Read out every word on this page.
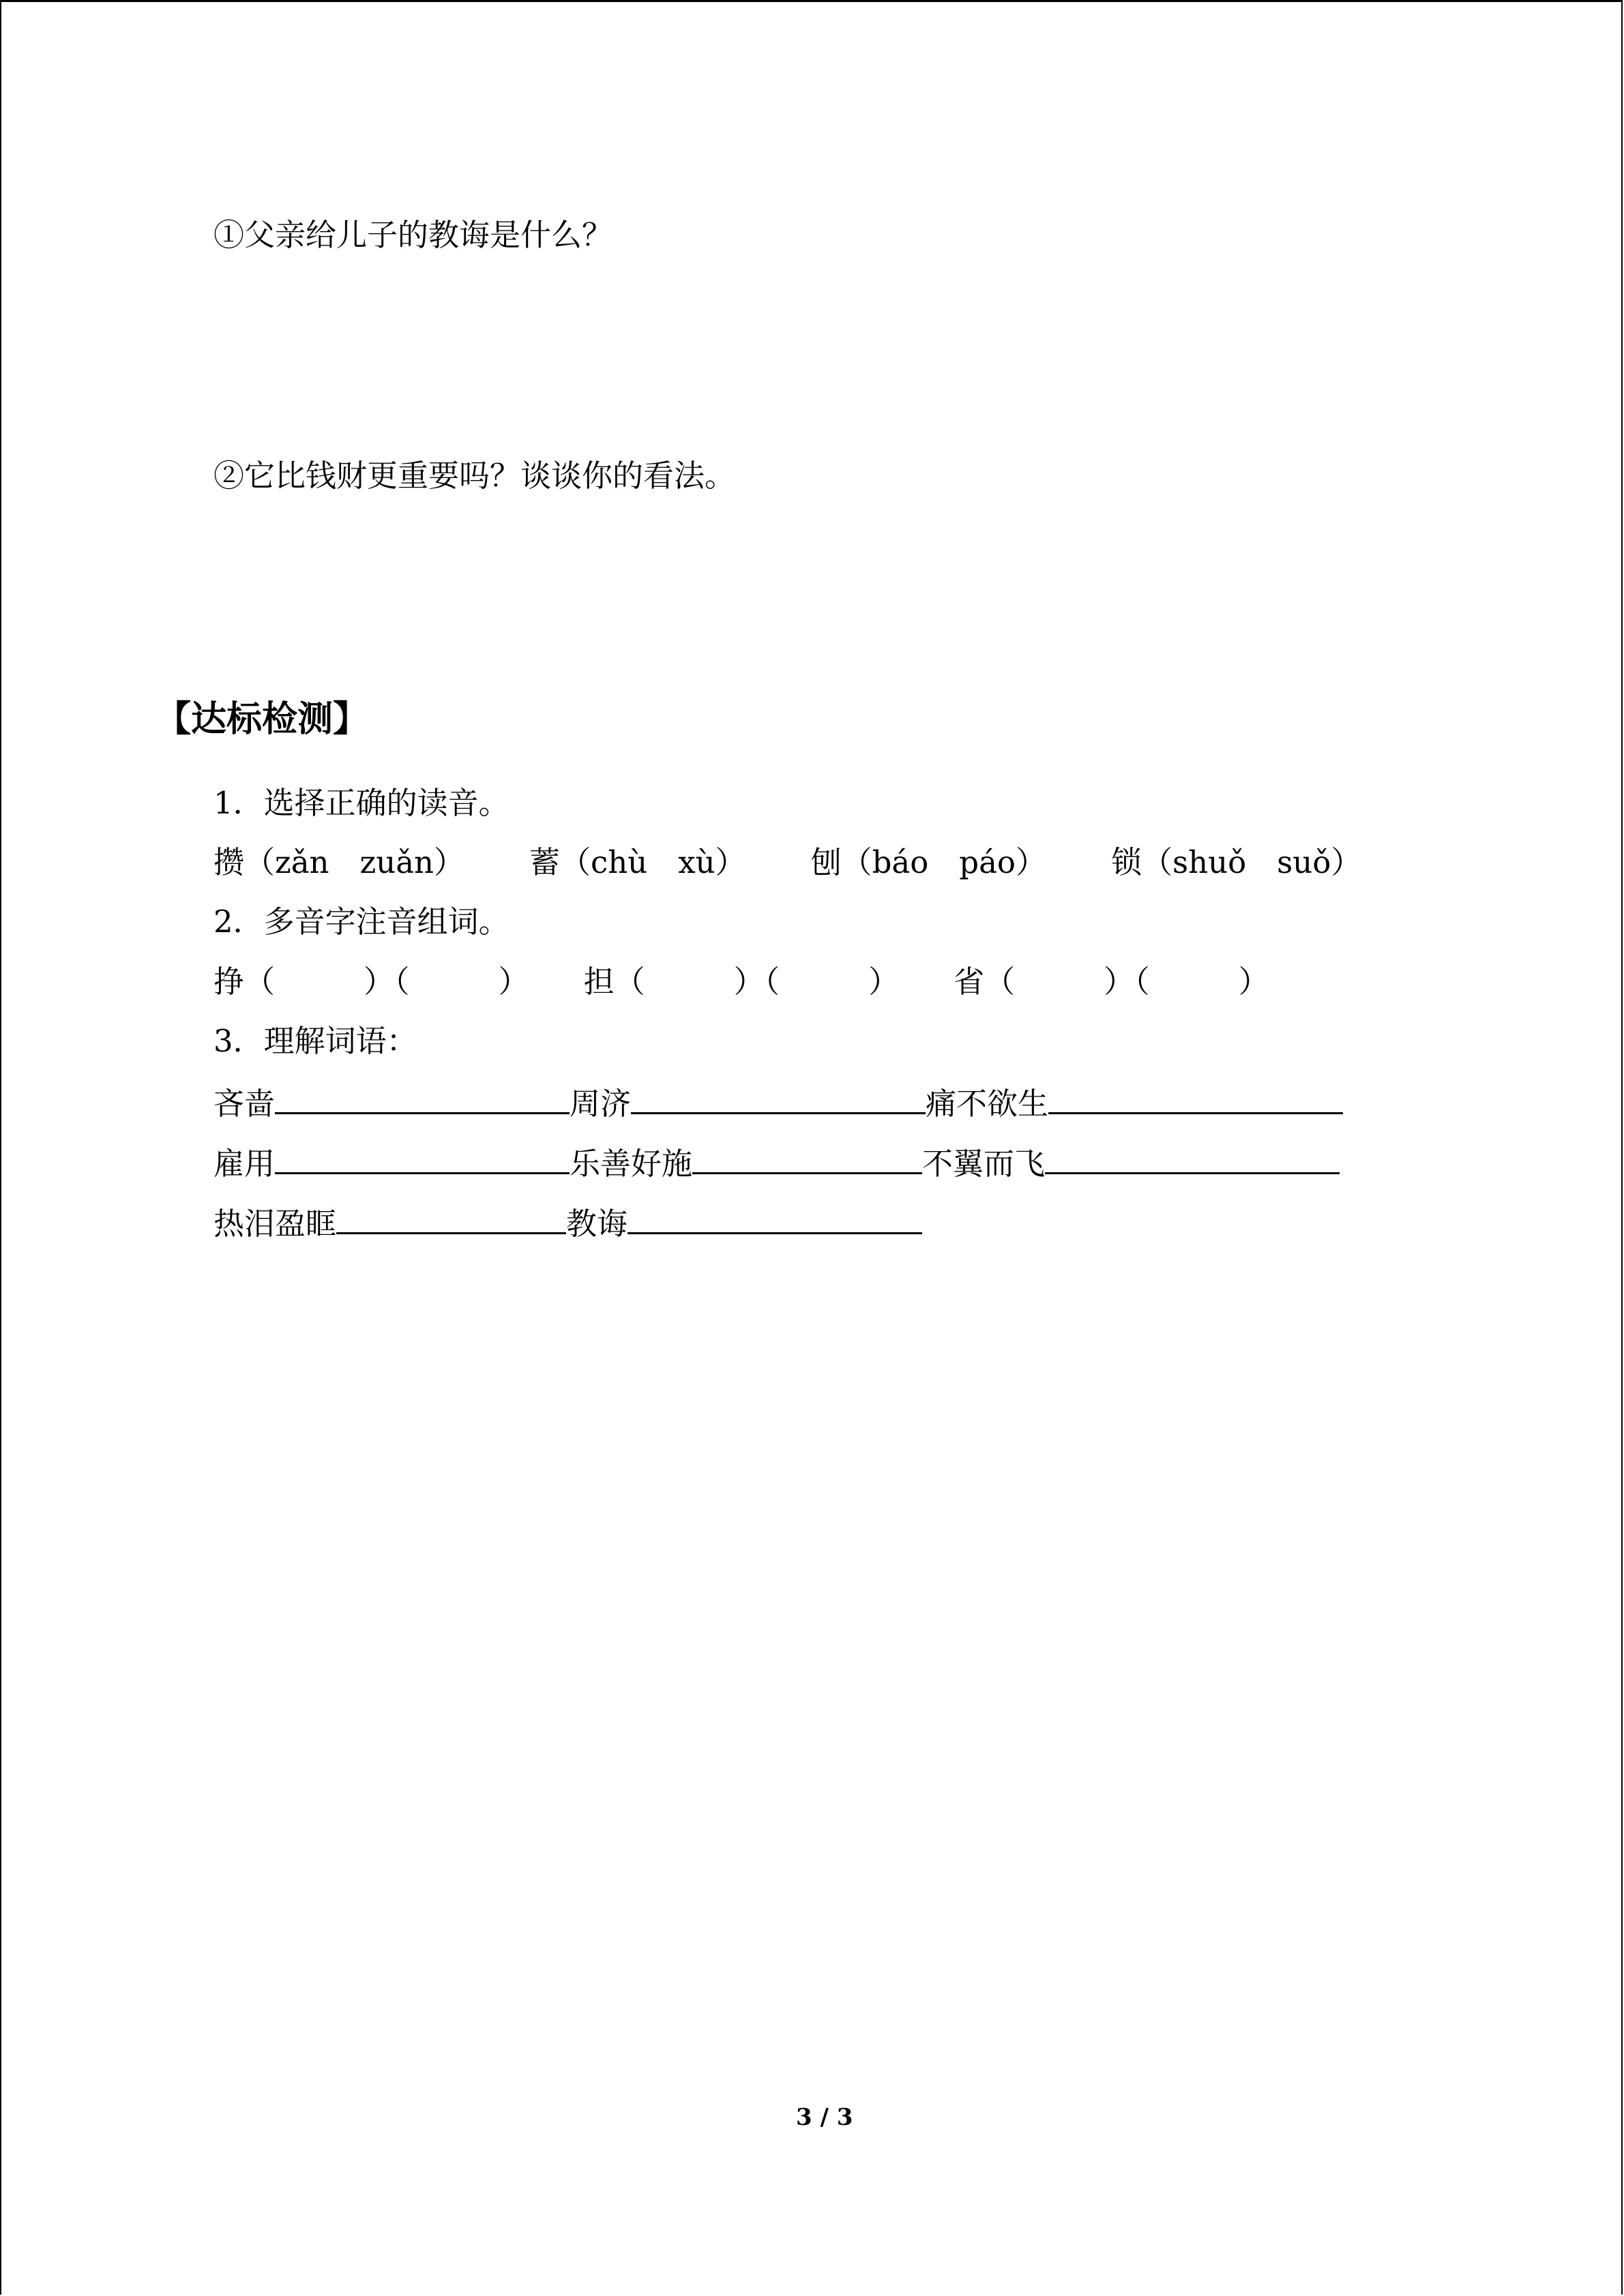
①父亲给儿子的教诲是什么？
②它比钱财更重要吗？谈谈你的看法。
【达标检测】
1．选择正确的读音。
攒（zǎn　zuǎn） 蓄（chù　xù） 刨（báo　páo） 锁（shuǒ　suǒ）
2．多音字注音组词。
挣（	）（	） 担（	）（	） 省（	）（	）
3．理解词语：
吝啬	周济	痛不欲生
雇用	乐善好施	不翼而飞
热泪盈眶	教诲
3 / 3
